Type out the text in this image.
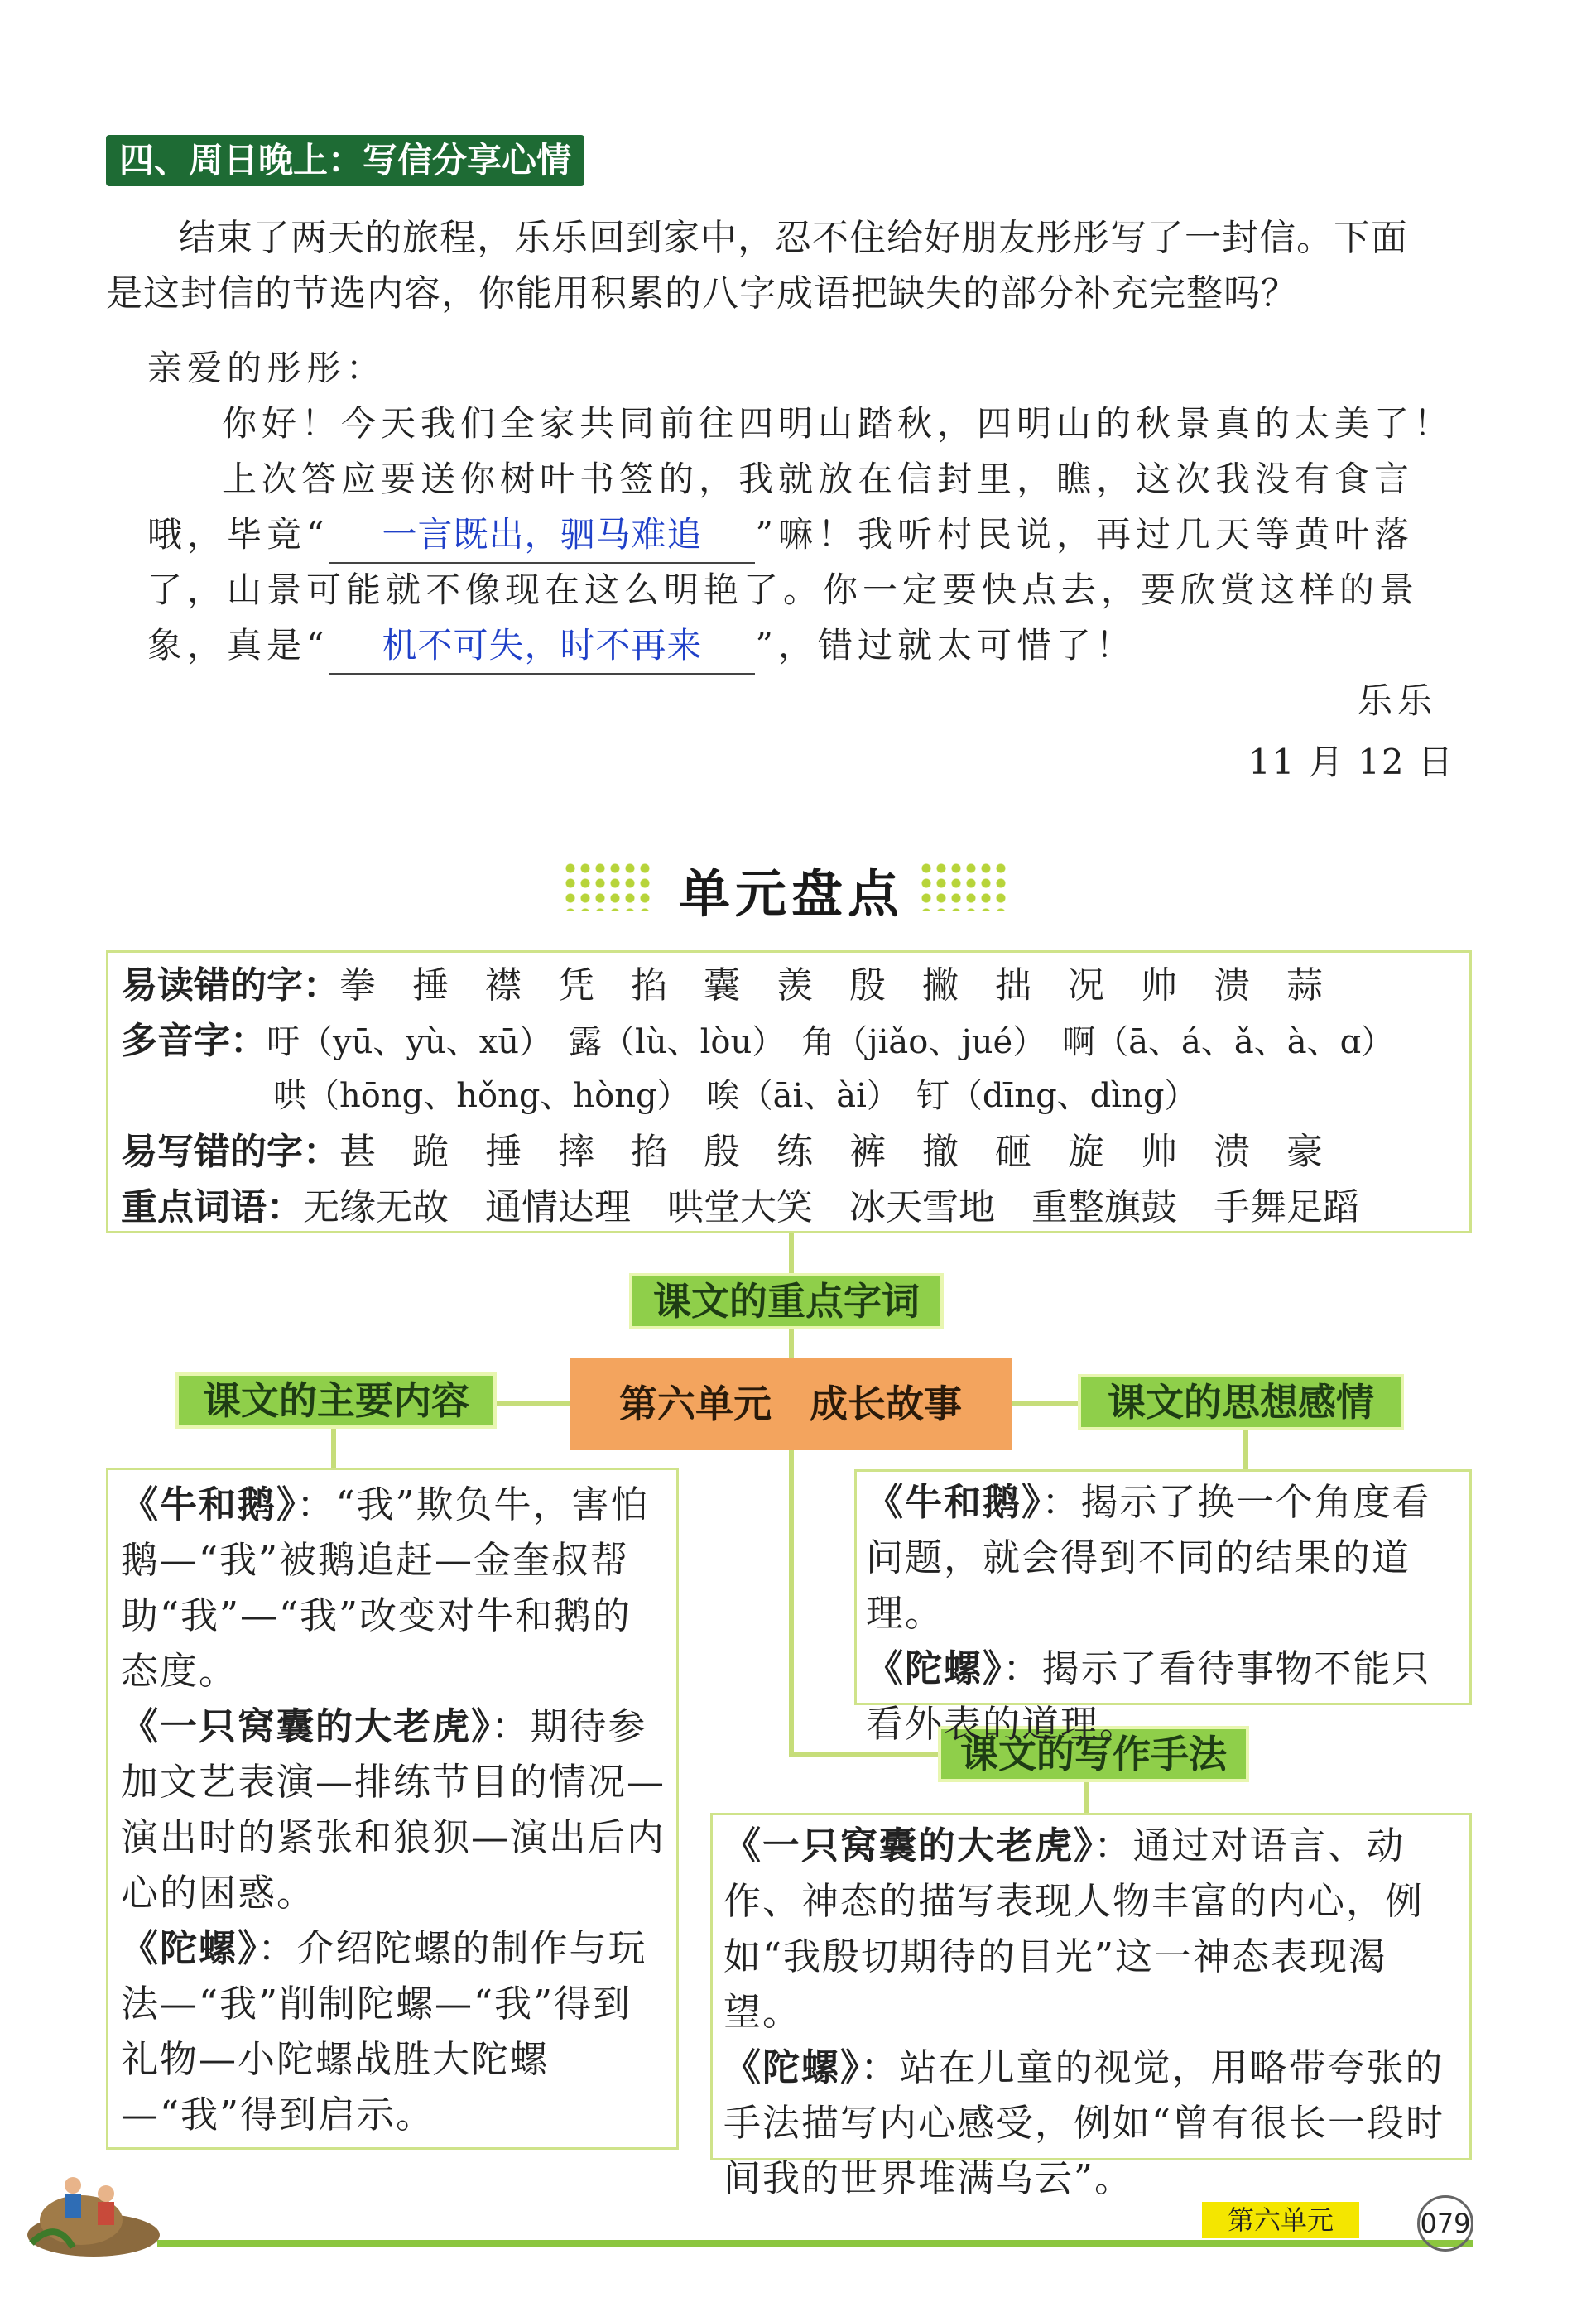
四、周日晚上：写信分享心情
结束了两天的旅程，乐乐回到家中，忍不住给好朋友彤彤写了一封信。下面
是这封信的节选内容，你能用积累的八字成语把缺失的部分补充完整吗？
亲爱的彤彤：
你好！今天我们全家共同前往四明山踏秋，四明山的秋景真的太美了！
上次答应要送你树叶书签的，我就放在信封里，瞧，这次我没有食言
哦，毕竟“ 一言既出，驷马难追 ”嘛！我听村民说，再过几天等黄叶落
了，山景可能就不像现在这么明艳了。你一定要快点去，要欣赏这样的景
象，真是“ 机不可失，时不再来 ”，错过就太可惜了！
乐乐
11 月 12 日
单元盘点
易读错的字：拳　捶　襟　凭　掐　囊　羡　殷　撇　拙　况　帅　溃　蒜
多音字：吁（yū、yù、xū）　露（lù、lòu）　角（jiǎo、jué）　啊（ā、á、ǎ、à、ɑ）
哄（hōng、hǒng、hòng）　唉（āi、ài）　钉（dīng、dìng）
易写错的字：甚　跪　捶　摔　掐　殷　练　裤　撤　砸　旋　帅　溃　豪
重点词语：无缘无故　通情达理　哄堂大笑　冰天雪地　重整旗鼓　手舞足蹈
课文的重点字词
第六单元　成长故事
课文的主要内容	课文的思想感情
课文的写作手法
《牛和鹅》：“我”欺负牛，害怕鹅—“我”被鹅追赶—金奎叔帮助“我”—“我”改变对牛和鹅的态度。
《一只窝囊的大老虎》：期待参加文艺表演—排练节目的情况—演出时的紧张和狼狈—演出后内心的困惑。
《陀螺》：介绍陀螺的制作与玩法—“我”削制陀螺—“我”得到礼物—小陀螺战胜大陀螺—“我”得到启示。
《牛和鹅》：揭示了换一个角度看问题，就会得到不同的结果的道理。
《陀螺》：揭示了看待事物不能只看外表的道理。
《一只窝囊的大老虎》：通过对语言、动作、神态的描写表现人物丰富的内心，例如“我殷切期待的目光”这一神态表现渴望。
《陀螺》：站在儿童的视觉，用略带夸张的手法描写内心感受，例如“曾有很长一段时间我的世界堆满乌云”。
第六单元	079
